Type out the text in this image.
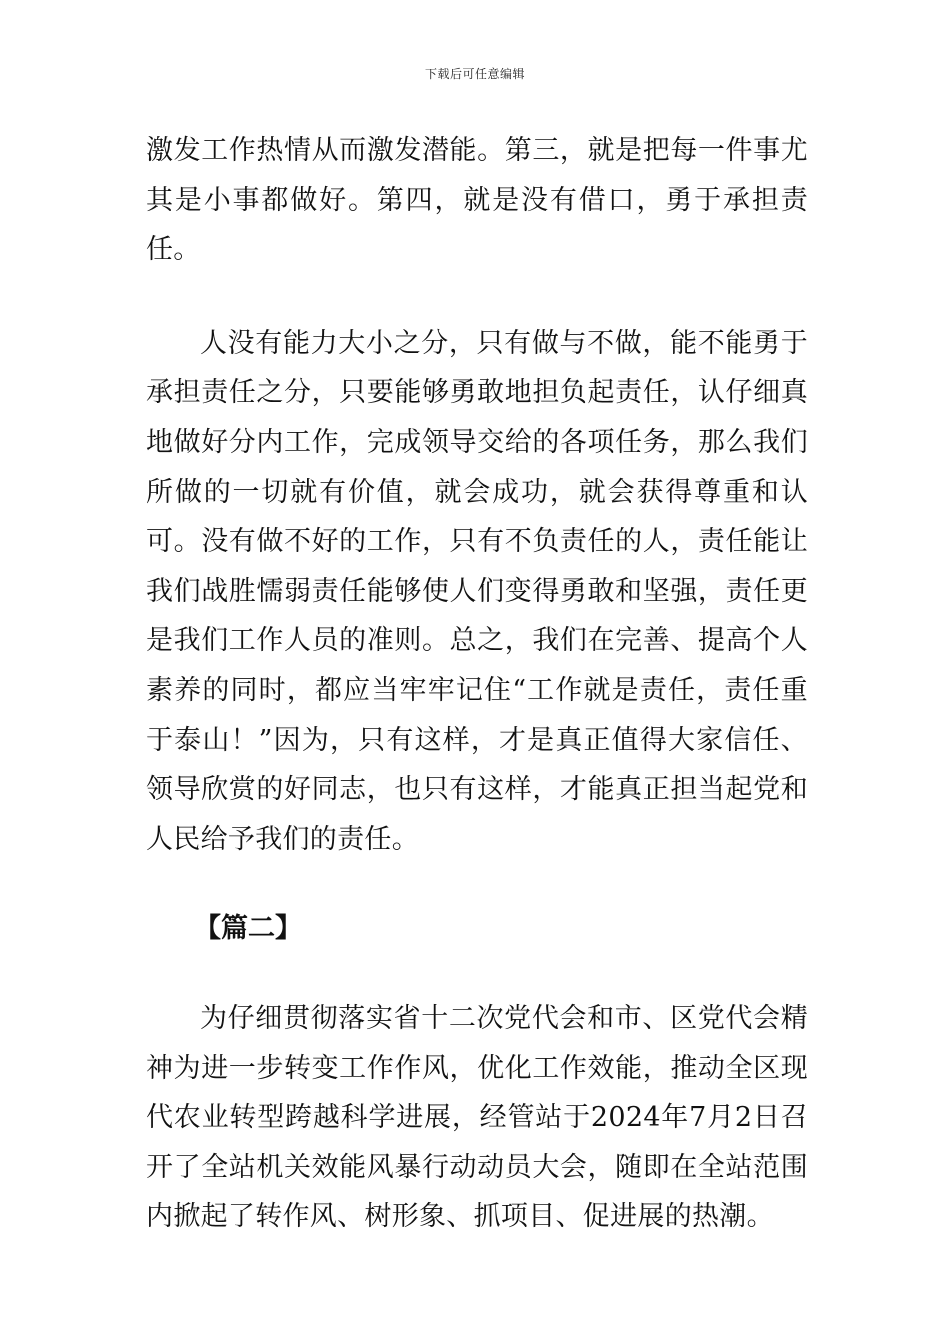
下载后可任意编辑

激发工作热情从而激发潜能。第三，就是把每一件事尤其是小事都做好。第四，就是没有借口，勇于承担责任。

人没有能力大小之分，只有做与不做，能不能勇于承担责任之分，只要能够勇敢地担负起责任，认仔细真地做好分内工作，完成领导交给的各项任务，那么我们所做的一切就有价值，就会成功，就会获得尊重和认可。没有做不好的工作，只有不负责任的人，责任能让我们战胜懦弱责任能够使人们变得勇敢和坚强，责任更是我们工作人员的准则。总之，我们在完善、提高个人素养的同时，都应当牢牢记住“工作就是责任，责任重于泰山！”因为，只有这样，才是真正值得大家信任、领导欣赏的好同志，也只有这样，才能真正担当起党和人民给予我们的责任。

【篇二】

为仔细贯彻落实省十二次党代会和市、区党代会精神为进一步转变工作作风，优化工作效能，推动全区现代农业转型跨越科学进展，经管站于2024年7月2日召开了全站机关效能风暴行动动员大会，随即在全站范围内掀起了转作风、树形象、抓项目、促进展的热潮。
